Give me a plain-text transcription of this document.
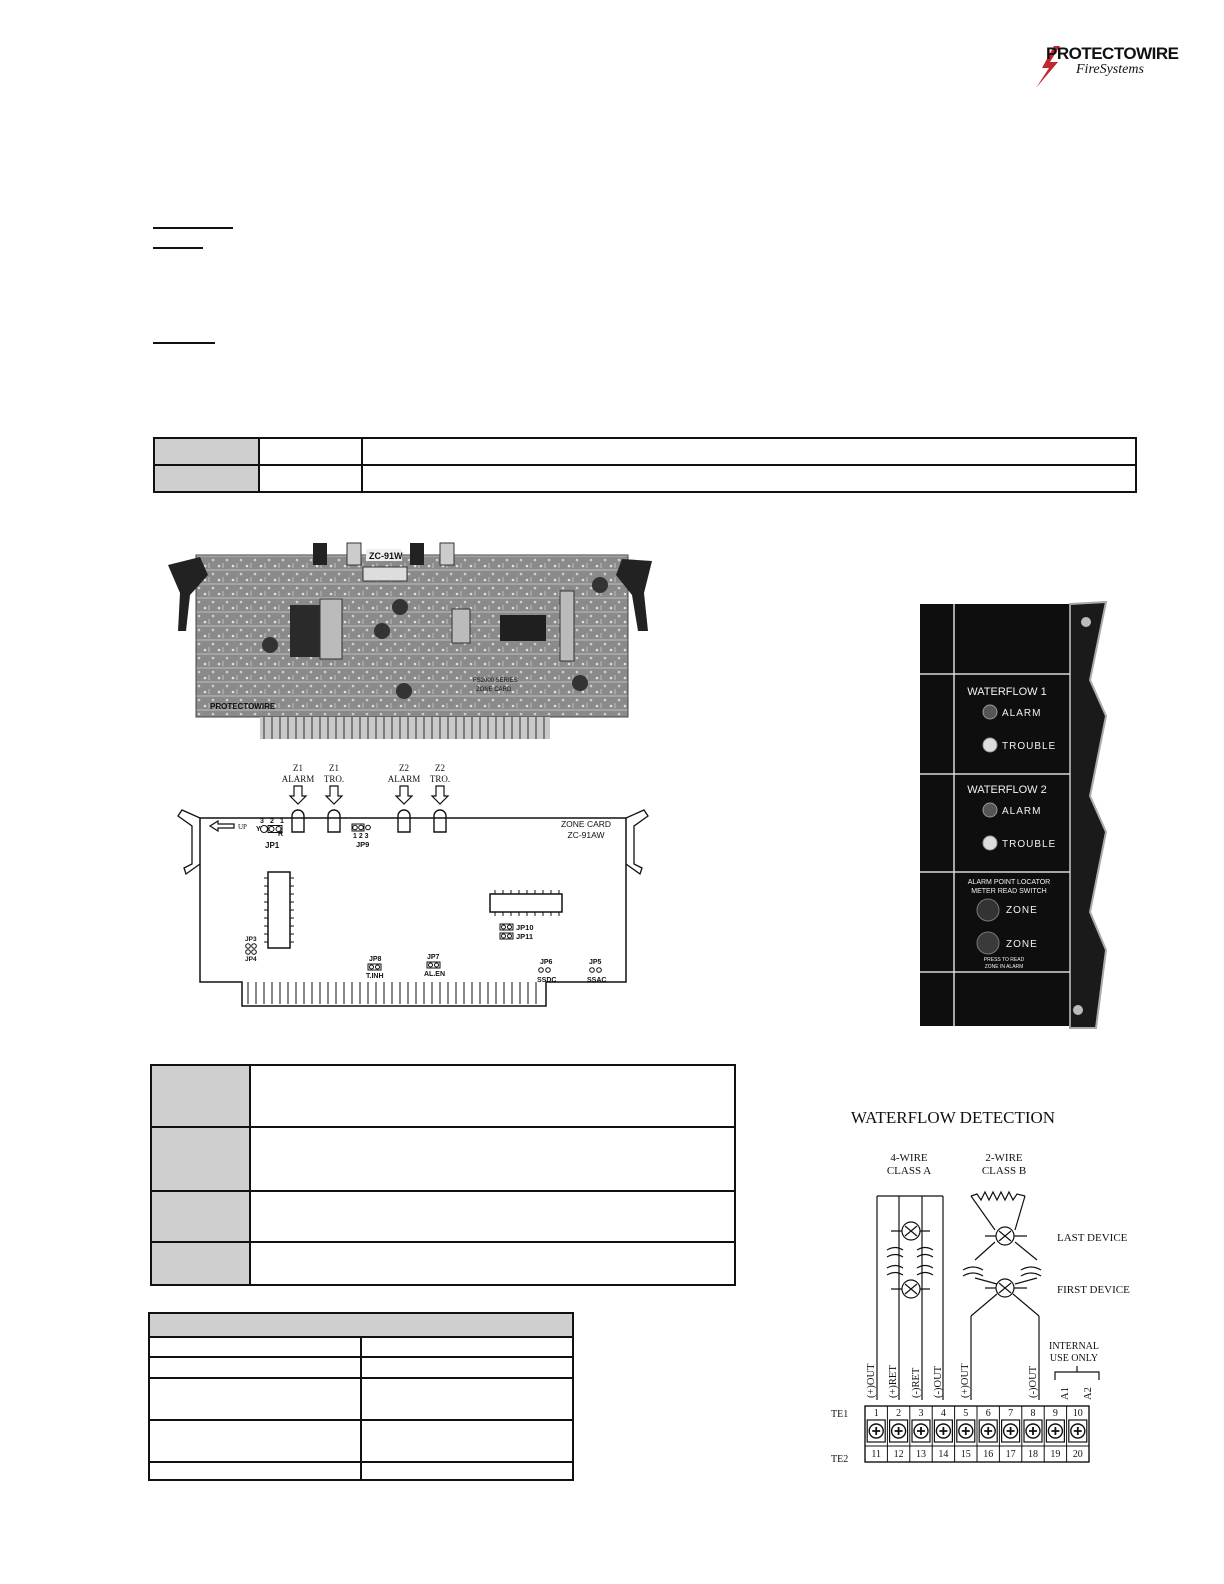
PROTECTOWIRE
FireSystems

ZC-91W
FS2000 SERIES
ZONE CARD
PROTECTOWIRE
Z1
ALARM
Z1
TRO.
Z2
ALARM
Z2
TRO.
UP	ZONE CARD
ZC-91AW
3 2 1
Y
R
JP1
1 2 3
JP9
JP10
JP11
JP3
JP4	JP8
T.INH
JP7
AL.EN
JP6
SSDC
JP5
SSAC
WATERFLOW 1
ALARM
TROUBLE
WATERFLOW 2
ALARM
TROUBLE
ALARM POINT LOCATOR
METER READ SWITCH
ZONE
ZONE
PRESS TO READ
ZONE IN ALARM

WATERFLOW DETECTION
4-WIRE
CLASS A
2-WIRE
CLASS B
LAST DEVICE
FIRST DEVICE
INTERNAL
USE ONLY
(+)OUT (+)RET (-)RET (-)OUT (+)OUT	(-)OUT A1 A2
TE1
TE2
1
11
2
12
3
13
4
14
5
15
6
16
7
17
8
18
9
19
10
20
